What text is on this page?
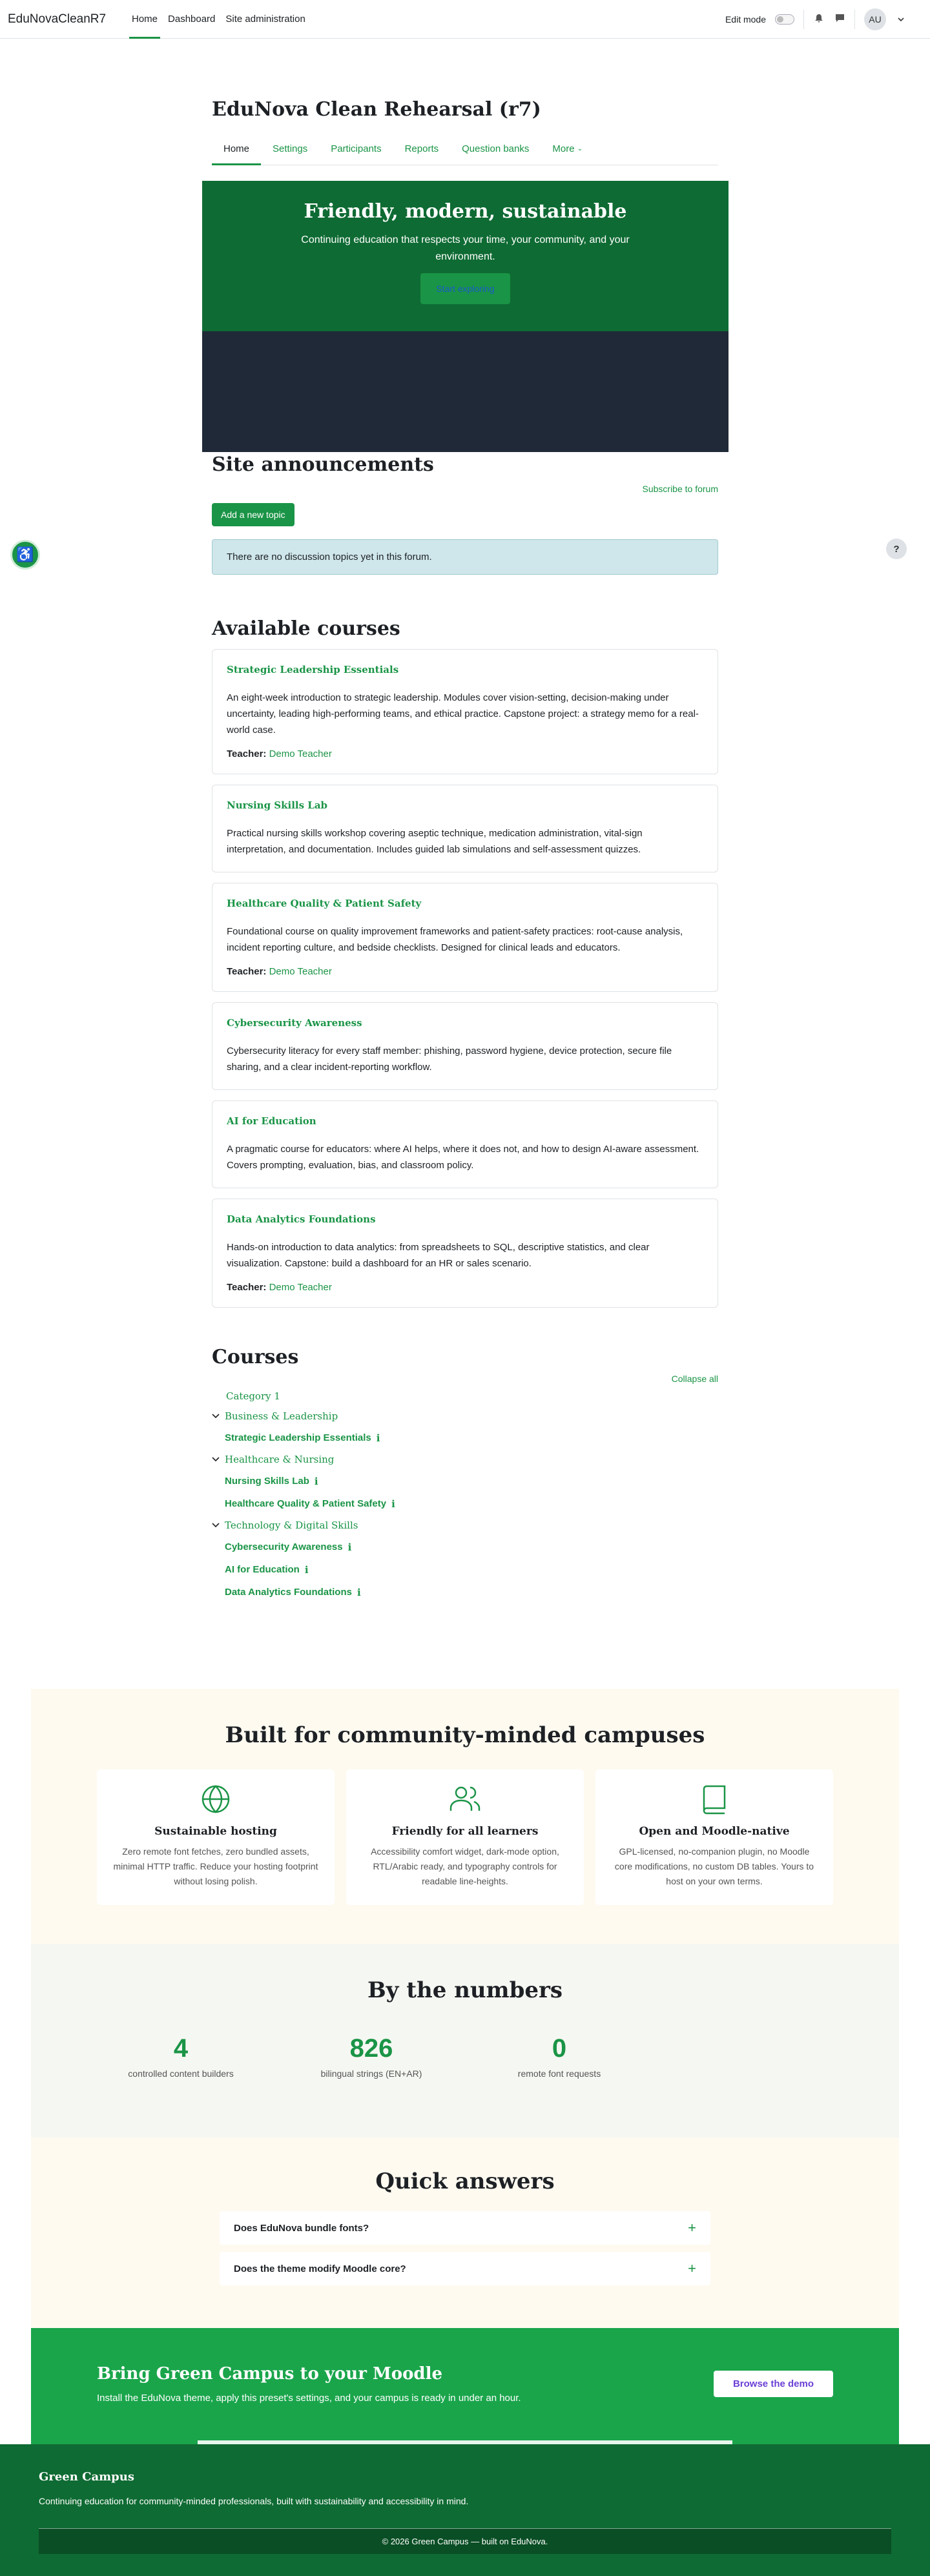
EduNovaCleanR7	Home Dashboard Site administration	Edit mode	AU
EduNova Clean Rehearsal (r7)
Home	Settings	Participants	Reports	Question banks	More
⌄
Friendly, modern, sustainable

Continuing education that respects your time, your community, and your environment.

Start exploring
Site announcements
Subscribe to forum
Add a new topic
There are no discussion topics yet in this forum.
Available courses
Strategic Leadership Essentials

An eight-week introduction to strategic leadership. Modules cover vision-setting, decision-making under uncertainty, leading high-performing teams, and ethical practice. Capstone project: a strategy memo for a real-world case.

Teacher: Demo Teacher
Nursing Skills Lab

Practical nursing skills workshop covering aseptic technique, medication administration, vital-sign interpretation, and documentation. Includes guided lab simulations and self-assessment quizzes.

Healthcare Quality & Patient Safety

Foundational course on quality improvement frameworks and patient-safety practices: root-cause analysis, incident reporting culture, and bedside checklists. Designed for clinical leads and educators.

Teacher: Demo Teacher
Cybersecurity Awareness

Cybersecurity literacy for every staff member: phishing, password hygiene, device protection, secure file sharing, and a clear incident-reporting workflow.

AI for Education

A pragmatic course for educators: where AI helps, where it does not, and how to design AI-aware assessment. Covers prompting, evaluation, bias, and classroom policy.

Data Analytics Foundations

Hands-on introduction to data analytics: from spreadsheets to SQL, descriptive statistics, and clear visualization. Capstone: build a dashboard for an HR or sales scenario.

Teacher: Demo Teacher
Courses
Collapse all
Category 1
Business & Leadership
Strategic Leadership Essentials i
Healthcare & Nursing
Nursing Skills Lab i
Healthcare Quality & Patient Safety i
Technology & Digital Skills
Cybersecurity Awareness i
AI for Education i
Data Analytics Foundations i
Built for community-minded campuses
Sustainable hosting

Zero remote font fetches, zero bundled assets, minimal HTTP traffic. Reduce your hosting footprint without losing polish.

Friendly for all learners

Accessibility comfort widget, dark-mode option, RTL/Arabic ready, and typography controls for readable line-heights.

Open and Moodle-native

GPL-licensed, no-companion plugin, no Moodle core modifications, no custom DB tables. Yours to host on your own terms.

By the numbers
4
controlled content builders
826
bilingual strings (EN+AR)
0
remote font requests
Quick answers
Does EduNova bundle fonts?	+
Does the theme modify Moodle core?	+
Bring Green Campus to your Moodle

Install the EduNova theme, apply this preset's settings, and your campus is ready in under an hour.

Browse the demo
Green Campus

Continuing education for community-minded professionals, built with sustainability and accessibility in mind.

© 2026 Green Campus — built on EduNova.
♿	?
